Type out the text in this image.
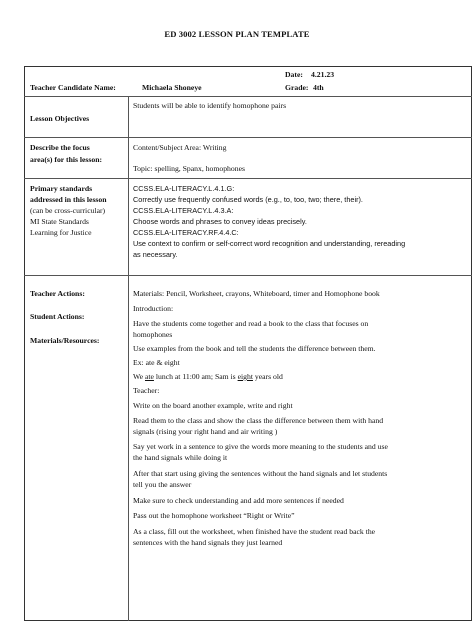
ED 3002 LESSON PLAN TEMPLATE
Date: 4.21.23
Teacher Candidate Name:	Michaela Shoneye	Grade: 4th
Lesson Objectives
Students will be able to identify homophone pairs
Describe the focus
area(s) for this lesson:
Content/Subject Area: Writing
Topic: spelling, Spanx, homophones
Primary standards
addressed in this lesson
(can be cross-curricular)
MI State Standards
Learning for Justice
CCSS.ELA-LITERACY.L.4.1.G:
Correctly use frequently confused words (e.g., to, too, two; there, their).
CCSS.ELA-LITERACY.L.4.3.A:
Choose words and phrases to convey ideas precisely.
CCSS.ELA-LITERACY.RF.4.4.C:
Use context to confirm or self-correct word recognition and understanding, rereading
as necessary.
Teacher Actions:
Student Actions:
Materials/Resources:
Materials: Pencil, Worksheet, crayons, Whiteboard, timer and Homophone book
Introduction:
Have the students come together and read a book to the class that focuses on
homophones
Use examples from the book and tell the students the difference between them.
Ex: ate & eight
We ate lunch at 11:00 am; Sam is eight years old
Teacher:
Write on the board another example, write and right
Read them to the class and show the class the difference between them with hand
signals (rising your right hand and air writing )
Say yet work in a sentence to give the words more meaning to the students and use
the hand signals while doing it
After that start using giving the sentences without the hand signals and let students
tell you the answer
Make sure to check understanding and add more sentences if needed
Pass out the homophone worksheet “Right or Write”
As a class, fill out the worksheet, when finished have the student read back the
sentences with the hand signals they just learned
